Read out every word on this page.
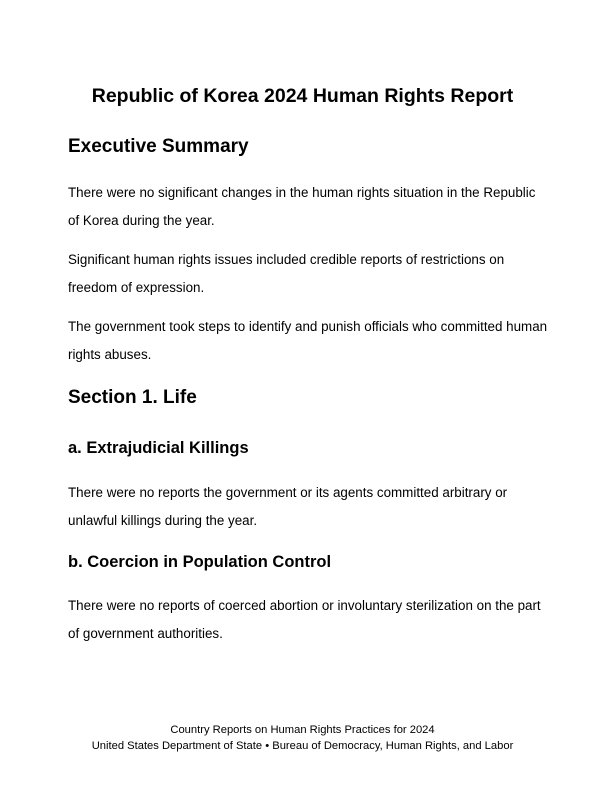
Republic of Korea 2024 Human Rights Report
Executive Summary

There were no significant changes in the human rights situation in the Republic of Korea during the year.

Significant human rights issues included credible reports of restrictions on freedom of expression.

The government took steps to identify and punish officials who committed human rights abuses.

Section 1. Life
a. Extrajudicial Killings

There were no reports the government or its agents committed arbitrary or unlawful killings during the year.

b. Coercion in Population Control

There were no reports of coerced abortion or involuntary sterilization on the part of government authorities.

Country Reports on Human Rights Practices for 2024

United States Department of State • Bureau of Democracy, Human Rights, and Labor
